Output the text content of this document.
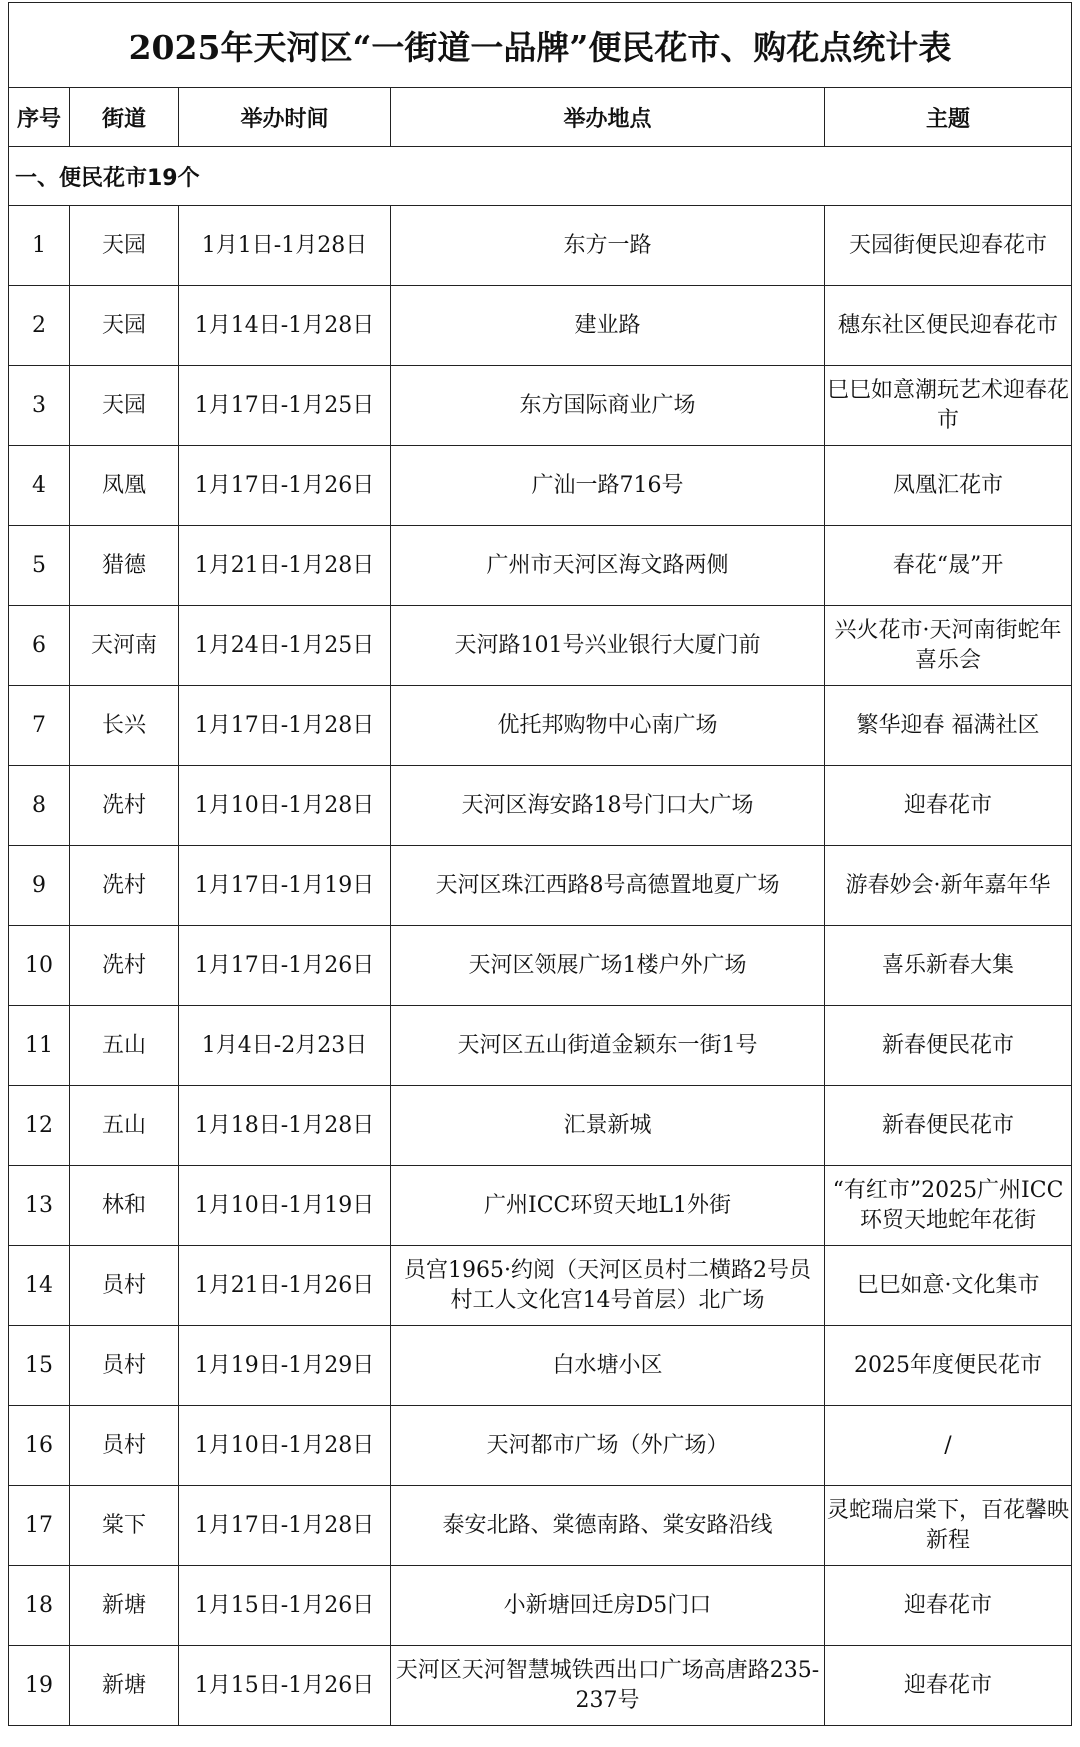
2025年天河区“一街道一品牌”便民花市、购花点统计表				
序号	街道	举办时间	举办地点	主题
一、便民花市19个				
1	天园	1月1日-1月28日	东方一路	天园街便民迎春花市
2	天园	1月14日-1月28日	建业路	穗东社区便民迎春花市
3	天园	1月17日-1月25日	东方国际商业广场	巳巳如意潮玩艺术迎春花市
4	凤凰	1月17日-1月26日	广汕一路716号	凤凰汇花市
5	猎德	1月21日-1月28日	广州市天河区海文路两侧	春花“晟”开
6	天河南	1月24日-1月25日	天河路101号兴业银行大厦门前	兴火花市·天河南街蛇年喜乐会
7	长兴	1月17日-1月28日	优托邦购物中心南广场	繁华迎春 福满社区
8	冼村	1月10日-1月28日	天河区海安路18号门口大广场	迎春花市
9	冼村	1月17日-1月19日	天河区珠江西路8号高德置地夏广场	游春妙会·新年嘉年华
10	冼村	1月17日-1月26日	天河区领展广场1楼户外广场	喜乐新春大集
11	五山	1月4日-2月23日	天河区五山街道金颖东一街1号	新春便民花市
12	五山	1月18日-1月28日	汇景新城	新春便民花市
13	林和	1月10日-1月19日	广州ICC环贸天地L1外街	“有红市”2025广州ICC环贸天地蛇年花街
14	员村	1月21日-1月26日	员宫1965·约阅（天河区员村二横路2号员村工人文化宫14号首层）北广场	巳巳如意·文化集市
15	员村	1月19日-1月29日	白水塘小区	2025年度便民花市
16	员村	1月10日-1月28日	天河都市广场（外广场）	/
17	棠下	1月17日-1月28日	泰安北路、棠德南路、棠安路沿线	灵蛇瑞启棠下，百花馨映新程
18	新塘	1月15日-1月26日	小新塘回迁房D5门口	迎春花市
19	新塘	1月15日-1月26日	天河区天河智慧城铁西出口广场高唐路235-237号	迎春花市
